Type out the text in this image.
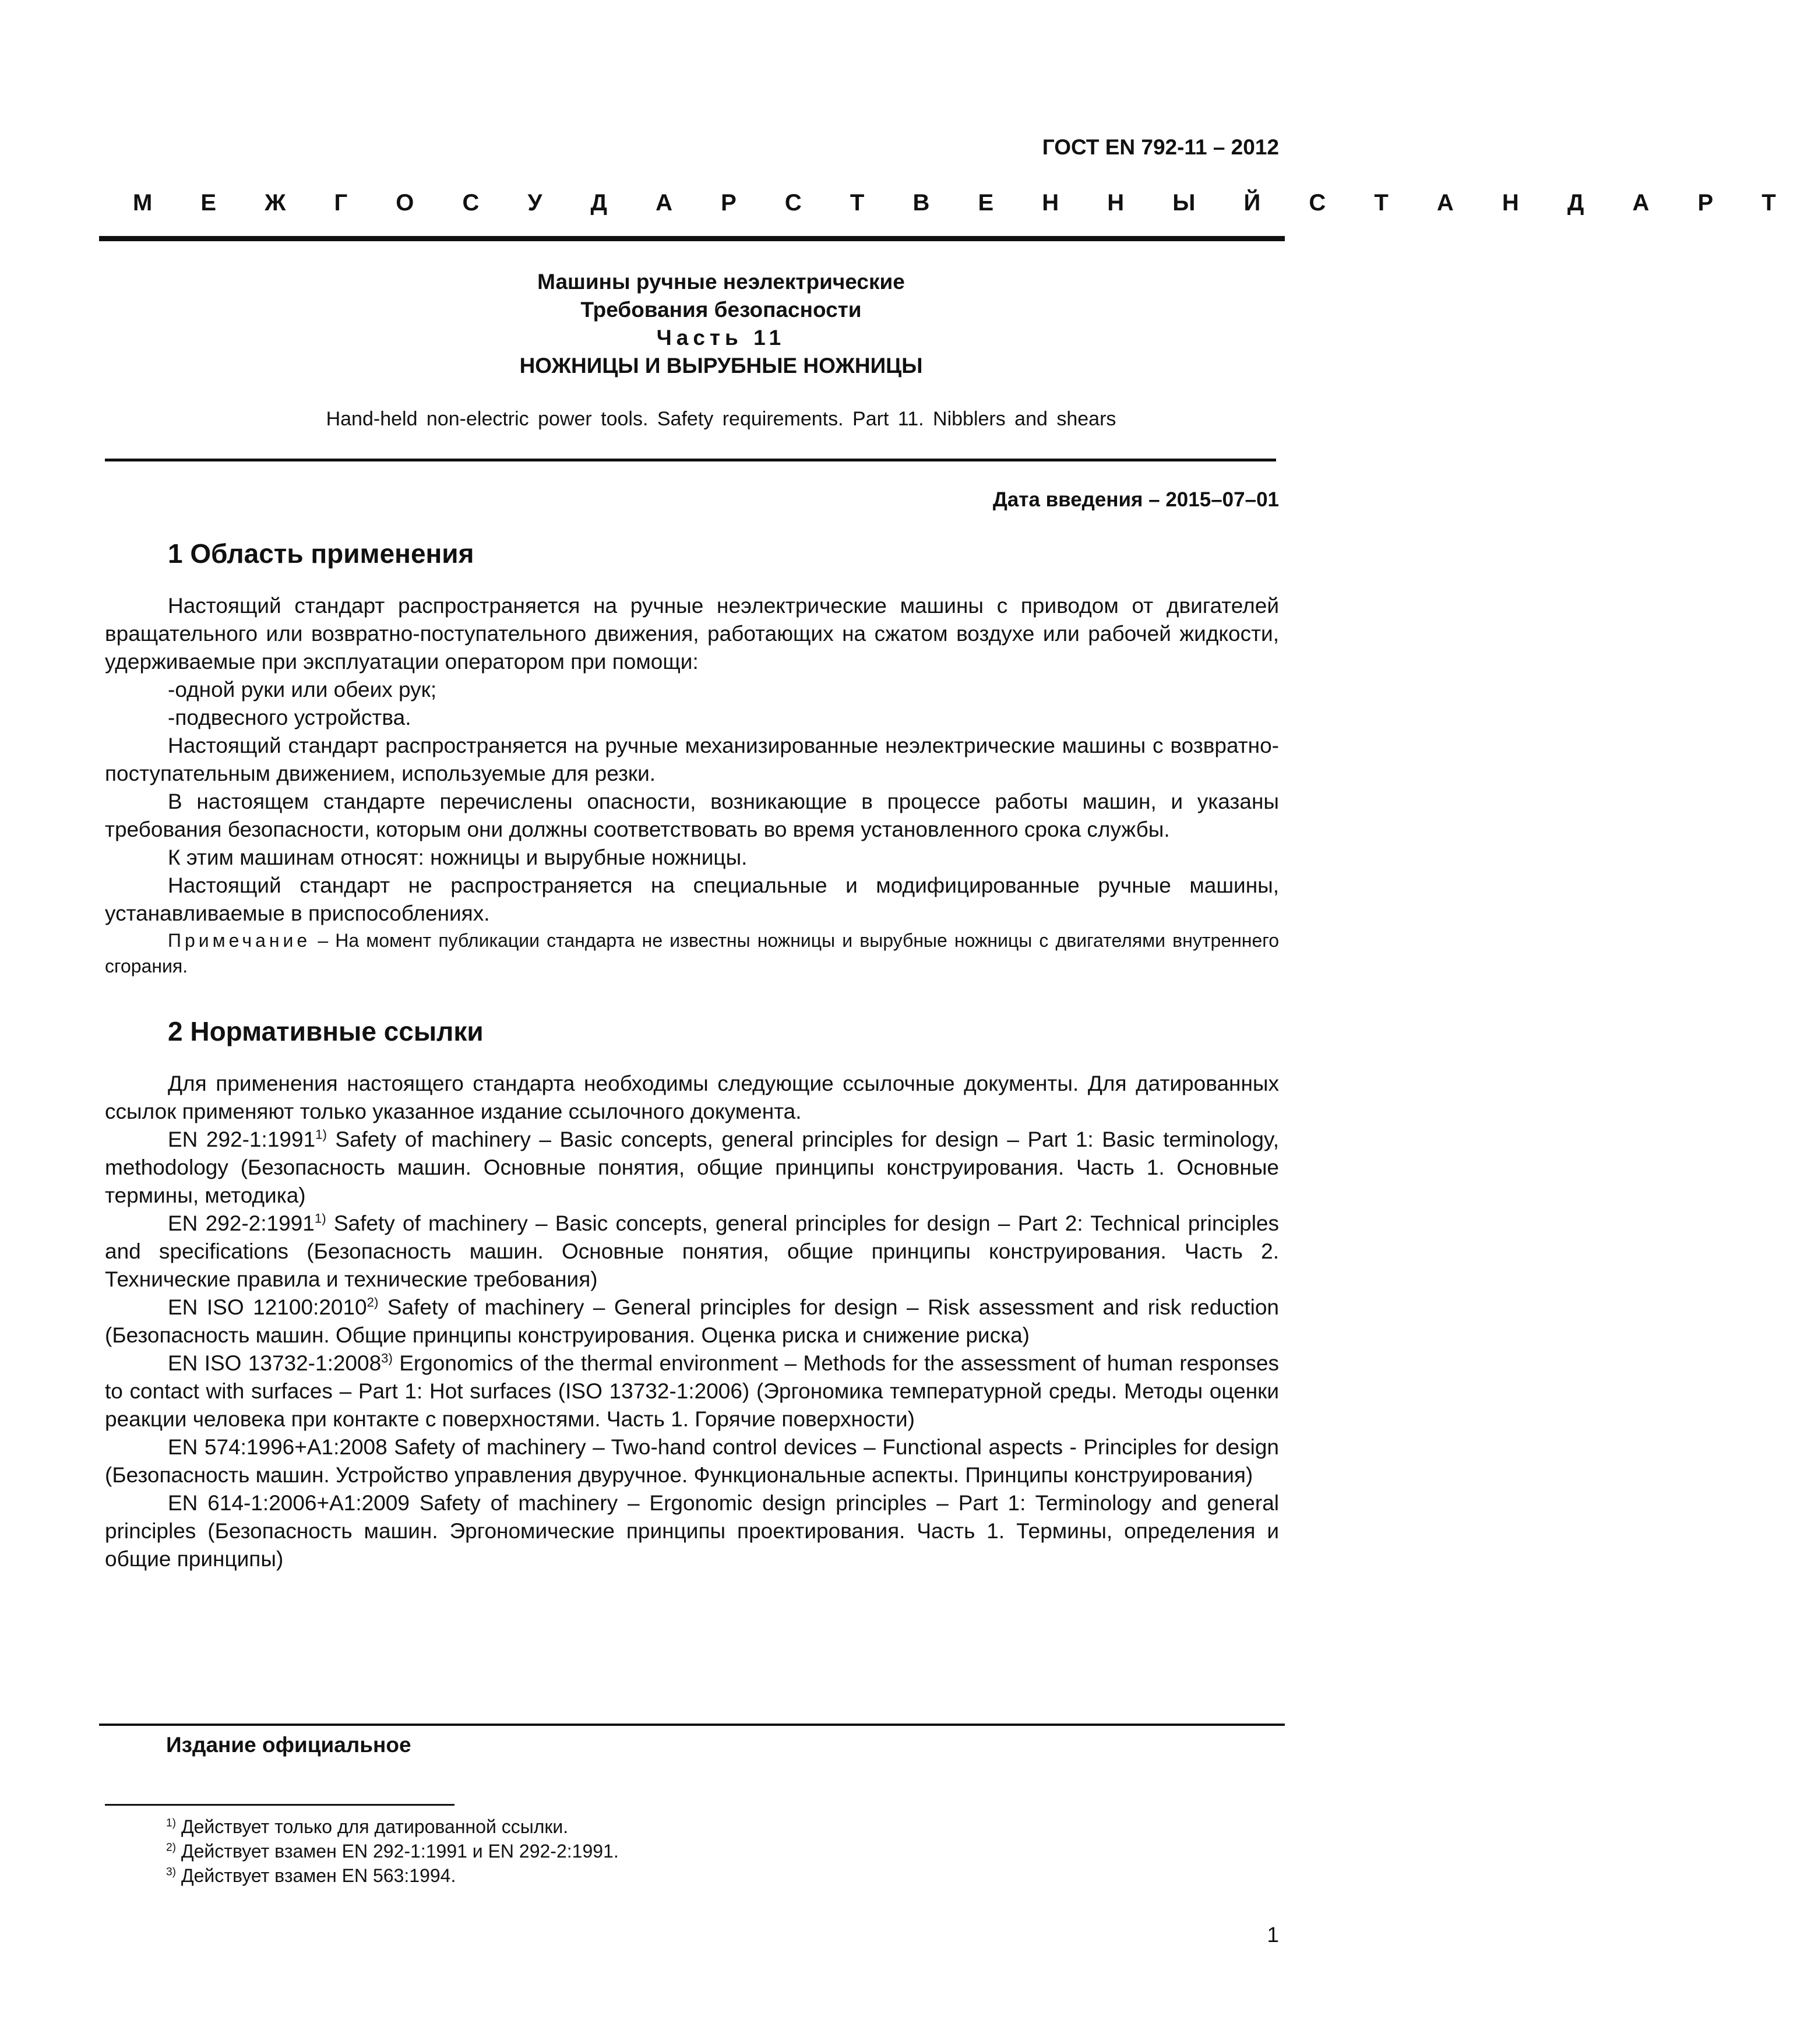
ГОСТ EN 792-11 – 2012
М Е Ж Г О С У Д А Р С Т В Е Н Н Ы Й С Т А Н Д А Р Т
Машины ручные неэлектрические
Требования безопасности
Часть 11
НОЖНИЦЫ И ВЫРУБНЫЕ НОЖНИЦЫ
Hand-held non-electric power tools. Safety requirements. Part 11. Nibblers and shears
Дата введения – 2015–07–01
1 Область применения

Настоящий стандарт распространяется на ручные неэлектрические машины с приводом от двигателей вращательного или возвратно-поступательного движения, работающих на сжатом воздухе или рабочей жидкости, удерживаемые при эксплуатации оператором при помощи:

-одной руки или обеих рук;

-подвесного устройства.

Настоящий стандарт распространяется на ручные механизированные неэлектрические машины с возвратно-поступательным движением, используемые для резки.

В настоящем стандарте перечислены опасности, возникающие в процессе работы машин, и указаны требования безопасности, которым они должны соответствовать во время установленного срока службы.

К этим машинам относят: ножницы и вырубные ножницы.

Настоящий стандарт не распространяется на специальные и модифицированные ручные машины, устанавливаемые в приспособлениях.

Примечание – На момент публикации стандарта не известны ножницы и вырубные ножницы с двигателями внутреннего сгорания.

2 Нормативные ссылки

Для применения настоящего стандарта необходимы следующие ссылочные документы. Для датированных ссылок применяют только указанное издание ссылочного документа.

EN 292-1:1991$^{1)}$ Safety of machinery – Basic concepts, general principles for design – Part 1: Basic terminology, methodology (Безопасность машин. Основные понятия, общие принципы конструирования. Часть 1. Основные термины, методика)

EN 292-2:1991$^{1)}$ Safety of machinery – Basic concepts, general principles for design – Part 2: Technical principles and specifications (Безопасность машин. Основные понятия, общие принципы конструирования. Часть 2. Технические правила и технические требования)

EN ISO 12100:2010$^{2)}$ Safety of machinery – General principles for design – Risk assessment and risk reduction (Безопасность машин. Общие принципы конструирования. Оценка риска и снижение риска)

EN ISO 13732-1:2008$^{3)}$ Ergonomics of the thermal environment – Methods for the assessment of human responses to contact with surfaces – Part 1: Hot surfaces (ISO 13732-1:2006) (Эргономика температурной среды. Методы оценки реакции человека при контакте с поверхностями. Часть 1. Горячие поверхности)

EN 574:1996+A1:2008 Safety of machinery – Two-hand control devices – Functional aspects - Principles for design (Безопасность машин. Устройство управления двуручное. Функциональные аспекты. Принципы конструирования)

EN 614-1:2006+A1:2009 Safety of machinery – Ergonomic design principles – Part 1: Terminology and general principles (Безопасность машин. Эргономические принципы проектирования. Часть 1. Термины, определения и общие принципы)

Издание официальное
$^{1)}$ Действует только для датированной ссылки.
$^{2)}$ Действует взамен EN 292-1:1991 и EN 292-2:1991.
$^{3)}$ Действует взамен EN 563:1994.
1
